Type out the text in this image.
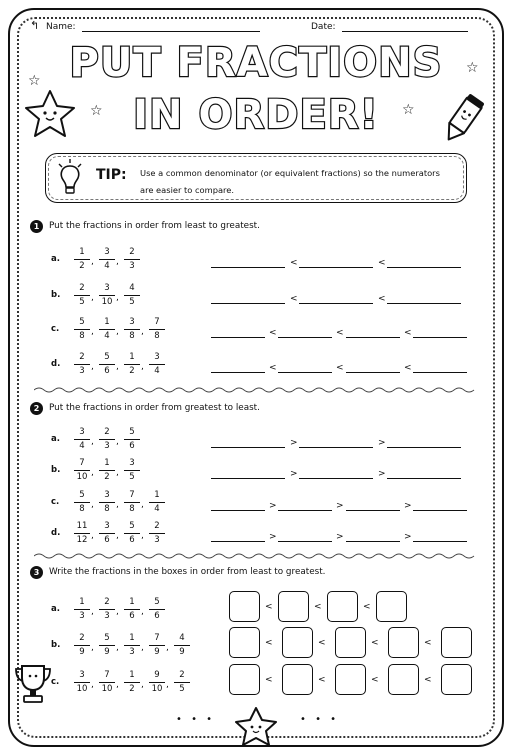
↰ Name:	Date:
PUT FRACTIONS
IN ORDER!
☆
☆
☆
☆
TIP: Use a common denominator (or equivalent fractions) so the numerators are easier to compare.
1	Put the fractions in order from least to greatest.
2	Put the fractions in order from greatest to least.
3	Write the fractions in the boxes in order from least to greatest.
a. $\frac{1}{2}$ , $\frac{3}{4}$ , $\frac{2}{3}$	<	<
b. $\frac{2}{5}$ , $\frac{3}{10}$ , $\frac{4}{5}$	<	<
c. $\frac{5}{8}$ , $\frac{1}{4}$ , $\frac{3}{8}$ , $\frac{7}{8}$	<	<	<
d. $\frac{2}{3}$ , $\frac{5}{6}$ , $\frac{1}{2}$ , $\frac{3}{4}$	<	<	<
a. $\frac{3}{4}$ , $\frac{2}{3}$ , $\frac{5}{6}$	>	>
b. $\frac{7}{10}$ , $\frac{1}{2}$ , $\frac{3}{5}$	>	>
c. $\frac{5}{8}$ , $\frac{3}{8}$ , $\frac{7}{8}$ , $\frac{1}{4}$	>	>	>
d. $\frac{11}{12}$ , $\frac{3}{6}$ , $\frac{5}{6}$ , $\frac{2}{3}$	>	>	>
a. $\frac{1}{3}$ , $\frac{2}{3}$ , $\frac{1}{6}$ , $\frac{5}{6}$	<	<	<
b. $\frac{2}{9}$ , $\frac{5}{9}$ , $\frac{1}{3}$ , $\frac{7}{9}$ , $\frac{4}{9}$	<	<	<	<
c. $\frac{3}{10}$ , $\frac{7}{10}$ , $\frac{1}{2}$ , $\frac{9}{10}$ , $\frac{2}{5}$	<	<	<	<
• • •	• • •
